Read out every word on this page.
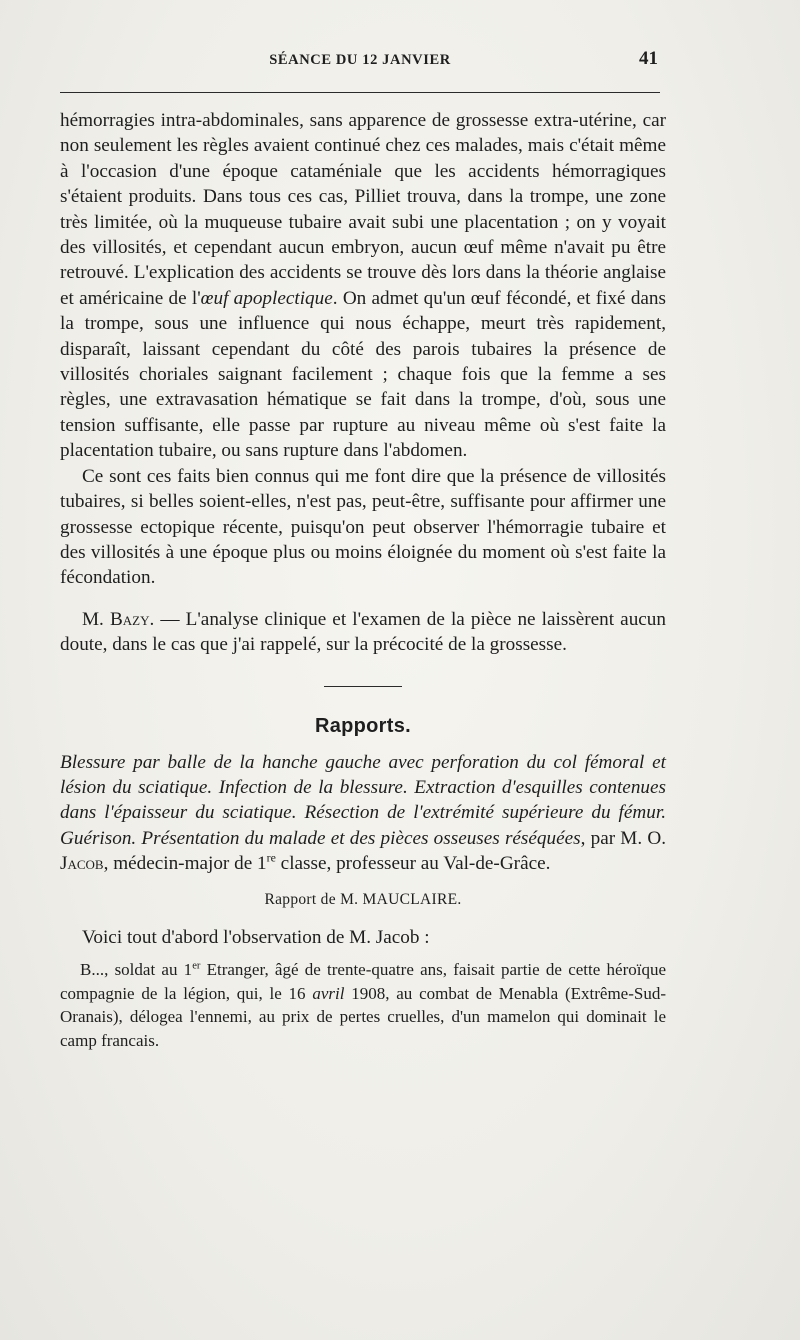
SÉANCE DU 12 JANVIER	41

hémorragies intra-abdominales, sans apparence de grossesse extra-utérine, car non seulement les règles avaient continué chez ces malades, mais c'était même à l'occasion d'une époque cataméniale que les accidents hémorragiques s'étaient produits. Dans tous ces cas, Pilliet trouva, dans la trompe, une zone très limitée, où la muqueuse tubaire avait subi une placentation ; on y voyait des villosités, et cependant aucun embryon, aucun œuf même n'avait pu être retrouvé. L'explication des accidents se trouve dès lors dans la théorie anglaise et américaine de l'œuf apoplectique. On admet qu'un œuf fécondé, et fixé dans la trompe, sous une influence qui nous échappe, meurt très rapidement, disparaît, laissant cependant du côté des parois tubaires la présence de villosités choriales saignant facilement ; chaque fois que la femme a ses règles, une extravasation hématique se fait dans la trompe, d'où, sous une tension suffisante, elle passe par rupture au niveau même où s'est faite la placentation tubaire, ou sans rupture dans l'abdomen.

Ce sont ces faits bien connus qui me font dire que la présence de villosités tubaires, si belles soient-elles, n'est pas, peut-être, suffisante pour affirmer une grossesse ectopique récente, puisqu'on peut observer l'hémorragie tubaire et des villosités à une époque plus ou moins éloignée du moment où s'est faite la fécondation.

M. Bazy. — L'analyse clinique et l'examen de la pièce ne laissèrent aucun doute, dans le cas que j'ai rappelé, sur la précocité de la grossesse.

Rapports.

Blessure par balle de la hanche gauche avec perforation du col fémoral et lésion du sciatique. Infection de la blessure. Extraction d'esquilles contenues dans l'épaisseur du sciatique. Résection de l'extrémité supérieure du fémur. Guérison. Présentation du malade et des pièces osseuses réséquées, par M. O. Jacob, médecin-major de 1re classe, professeur au Val-de-Grâce.

Rapport de M. MAUCLAIRE.

Voici tout d'abord l'observation de M. Jacob :

B..., soldat au 1er Etranger, âgé de trente-quatre ans, faisait partie de cette héroïque compagnie de la légion, qui, le 16 avril 1908, au combat de Menabla (Extrême-Sud-Oranais), délogea l'ennemi, au prix de pertes cruelles, d'un mamelon qui dominait le camp francais.
